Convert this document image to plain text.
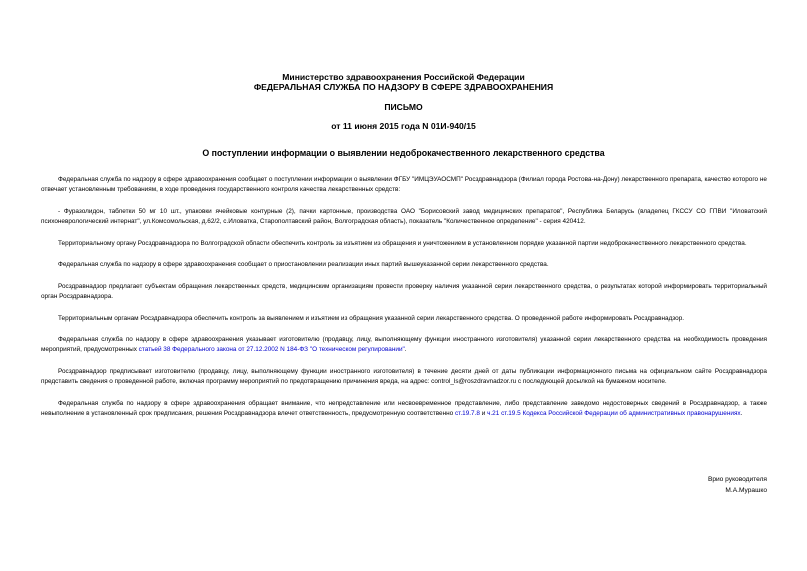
Министерство здравоохранения Российской Федерации
ФЕДЕРАЛЬНАЯ СЛУЖБА ПО НАДЗОРУ В СФЕРЕ ЗДРАВООХРАНЕНИЯ
ПИСЬМО
от 11 июня 2015 года N 01И-940/15
О поступлении информации о выявлении недоброкачественного лекарственного средства

Федеральная служба по надзору в сфере здравоохранения сообщает о поступлении информации о выявлении ФГБУ "ИМЦЭУАОСМП" Росздравнадзора (Филиал города Ростова-на-Дону) лекарственного препарата, качество которого не отвечает установленным требованиям, в ходе проведения государственного контроля качества лекарственных средств:

- Фуразолидон, таблетки 50 мг 10 шт., упаковки ячейковые контурные (2), пачки картонные, производства ОАО "Борисовский завод медицинских препаратов", Республика Беларусь (владелец ГКССУ СО ГПВИ "Иловатский психоневрологический интернат", ул.Комсомольская, д.62/2, с.Иловатка, Старополтавский район, Волгоградская область), показатель "Количественное определение" - серия 420412.

Территориальному органу Росздравнадзора по Волгоградской области обеспечить контроль за изъятием из обращения и уничтожением в установленном порядке указанной партии недоброкачественного лекарственного средства.

Федеральная служба по надзору в сфере здравоохранения сообщает о приостановлении реализации иных партий вышеуказанной серии лекарственного средства.

Росздравнадзор предлагает субъектам обращения лекарственных средств, медицинским организациям провести проверку наличия указанной серии лекарственного средства, о результатах которой информировать территориальный орган Росздравнадзора.

Территориальным органам Росздравнадзора обеспечить контроль за выявлением и изъятием из обращения указанной серии лекарственного средства. О проведенной работе информировать Росздравнадзор.

Федеральная служба по надзору в сфере здравоохранения указывает изготовителю (продавцу, лицу, выполняющему функции иностранного изготовителя) указанной серии лекарственного средства на необходимость проведения мероприятий, предусмотренных статьей 38 Федерального закона от 27.12.2002 N 184-ФЗ "О техническом регулировании".

Росздравнадзор предписывает изготовителю (продавцу, лицу, выполняющему функции иностранного изготовителя) в течение десяти дней от даты публикации информационного письма на официальном сайте Росздравнадзора представить сведения о проведенной работе, включая программу мероприятий по предотвращению причинения вреда, на адрес: control_ls@roszdravnadzor.ru с последующей досылкой на бумажном носителе.

Федеральная служба по надзору в сфере здравоохранения обращает внимание, что непредставление или несвоевременное представление, либо представление заведомо недостоверных сведений в Росздравнадзор, а также невыполнение в установленный срок предписания, решения Росздравнадзора влечет ответственность, предусмотренную соответственно ст.19.7.8 и ч.21 ст.19.5 Кодекса Российской Федерации об административных правонарушениях.

Врио руководителя
М.А.Мурашко
